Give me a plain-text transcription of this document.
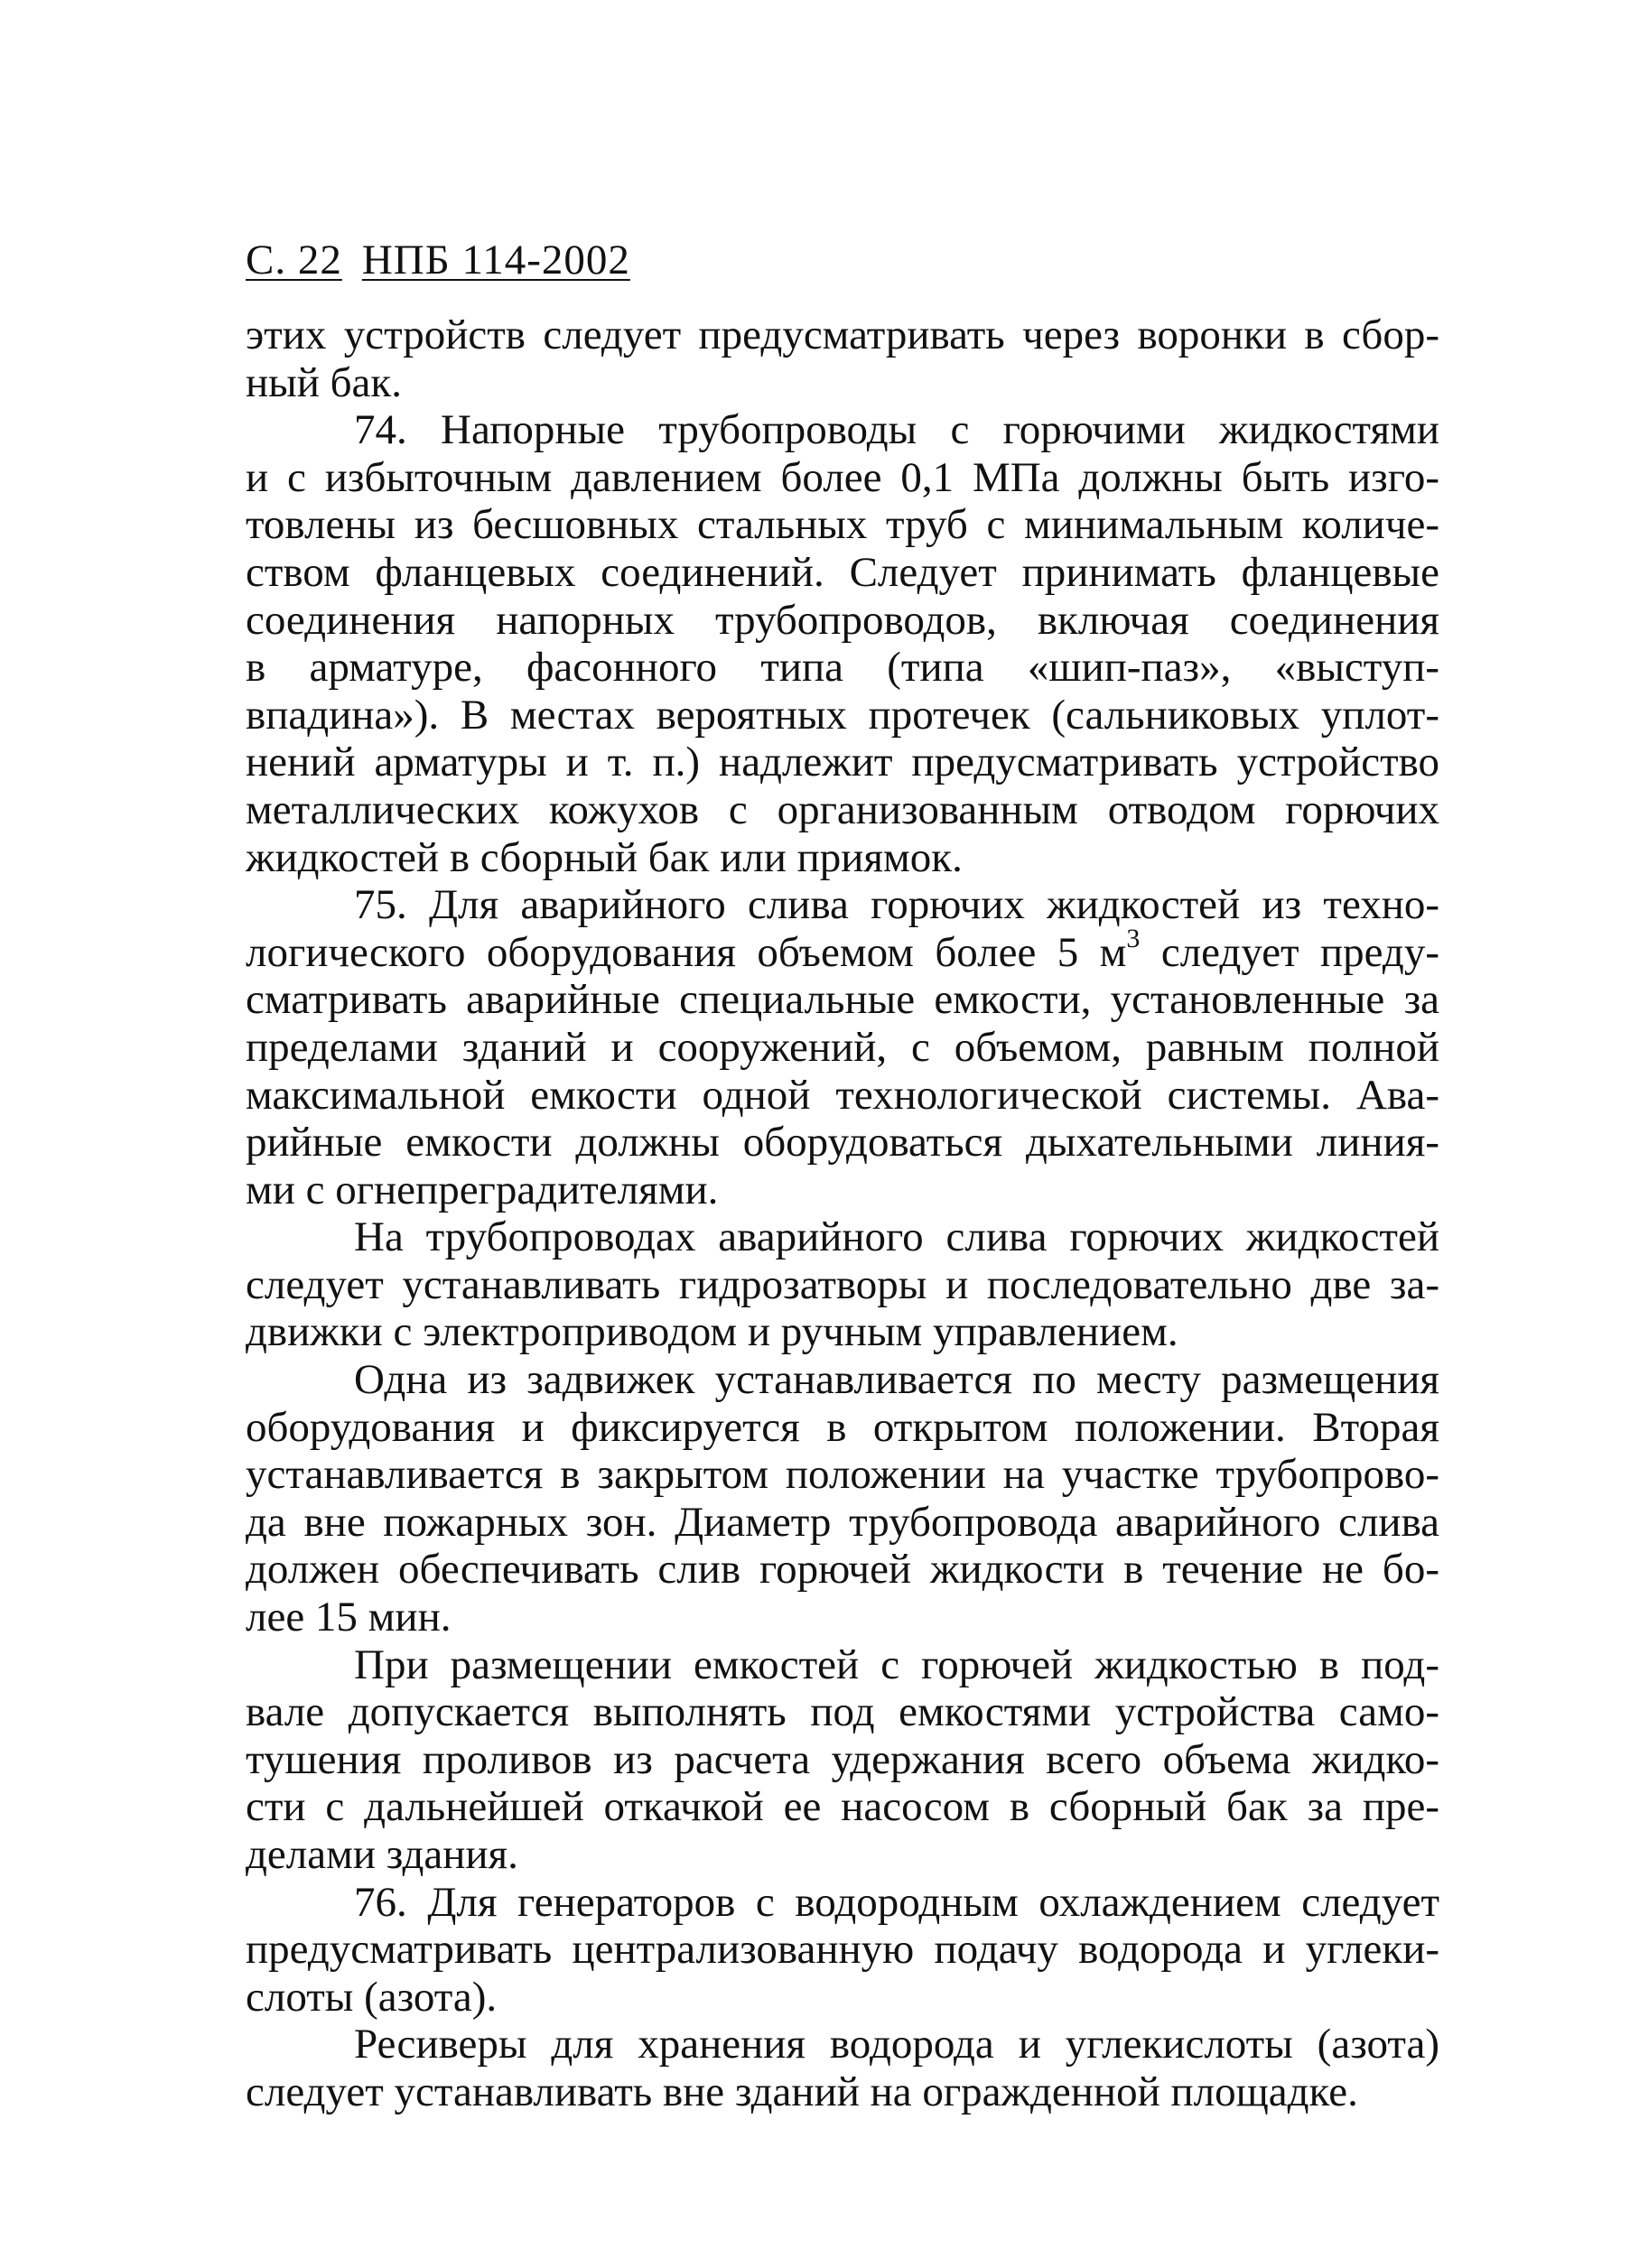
С. 22 НПБ 114-2002
этих устройств следует предусматривать через воронки в сбор-
ный бак.
74. Напорные трубопроводы с горючими жидкостями
и с избыточным давлением более 0,1 МПа должны быть изго-
товлены из бесшовных стальных труб с минимальным количе-
ством фланцевых соединений. Следует принимать фланцевые
соединения напорных трубопроводов, включая соединения
в арматуре, фасонного типа (типа «шип-паз», «выступ-
впадина»). В местах вероятных протечек (сальниковых уплот-
нений арматуры и т. п.) надлежит предусматривать устройство
металлических кожухов с организованным отводом горючих
жидкостей в сборный бак или приямок.
75. Для аварийного слива горючих жидкостей из техно-
логического оборудования объемом более 5 $м^3$ следует преду-
сматривать аварийные специальные емкости, установленные за
пределами зданий и сооружений, с объемом, равным полной
максимальной емкости одной технологической системы. Ава-
рийные емкости должны оборудоваться дыхательными линия-
ми с огнепреградителями.
На трубопроводах аварийного слива горючих жидкостей
следует устанавливать гидрозатворы и последовательно две за-
движки с электроприводом и ручным управлением.
Одна из задвижек устанавливается по месту размещения
оборудования и фиксируется в открытом положении. Вторая
устанавливается в закрытом положении на участке трубопрово-
да вне пожарных зон. Диаметр трубопровода аварийного слива
должен обеспечивать слив горючей жидкости в течение не бо-
лее 15 мин.
При размещении емкостей с горючей жидкостью в под-
вале допускается выполнять под емкостями устройства само-
тушения проливов из расчета удержания всего объема жидко-
сти с дальнейшей откачкой ее насосом в сборный бак за пре-
делами здания.
76. Для генераторов с водородным охлаждением следует
предусматривать централизованную подачу водорода и углеки-
слоты (азота).
Ресиверы для хранения водорода и углекислоты (азота)
следует устанавливать вне зданий на огражденной площадке.
